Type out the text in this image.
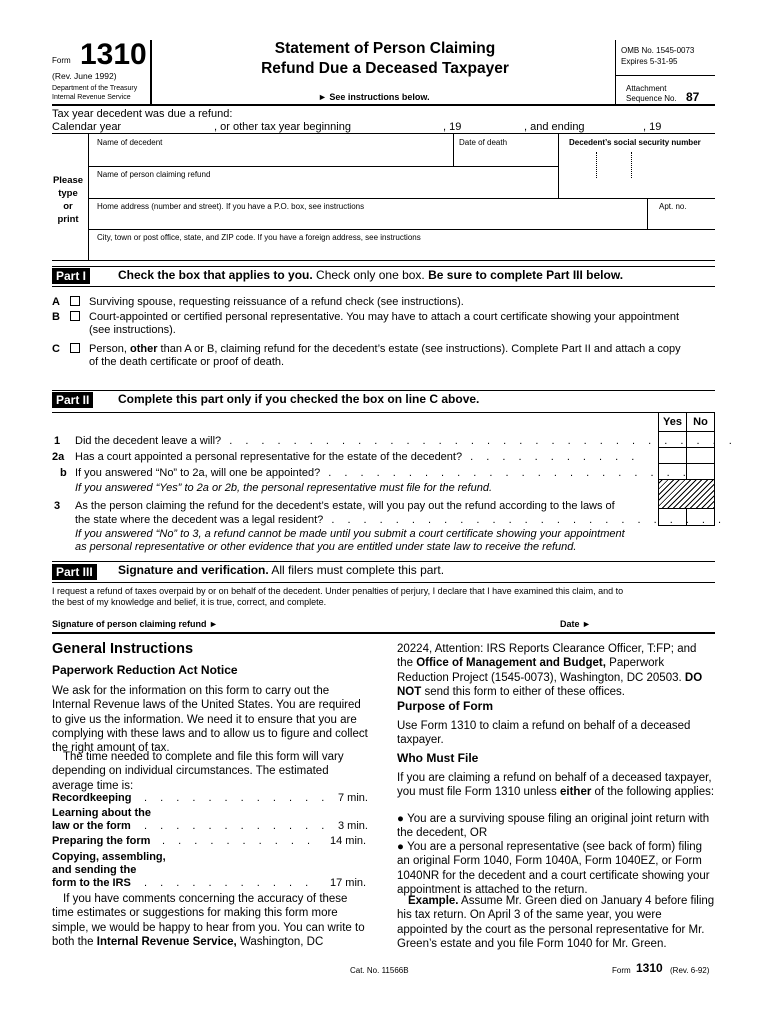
Form 1310
(Rev. June 1992)
Department of the Treasury
Internal Revenue Service
Statement of Person Claiming
Refund Due a Deceased Taxpayer
► See instructions below.
OMB No. 1545-0073
Expires 5-31-95
Attachment
Sequence No. 87
Tax year decedent was due a refund:
Calendar year	, or other tax year beginning	, 19	, and ending	, 19
Please
type
or
print
Name of decedent	Date of death	Decedent’s social security number
Name of person claiming refund
Home address (number and street). If you have a P.O. box, see instructions	Apt. no.
City, town or post office, state, and ZIP code. If you have a foreign address, see instructions
Part I	Check the box that applies to you. Check only one box. Be sure to complete Part III below.
A	Surviving spouse, requesting reissuance of a refund check (see instructions).
B	Court-appointed or certified personal representative. You may have to attach a court certificate showing your appointment
(see instructions).
C	Person, other than A or B, claiming refund for the decedent’s estate (see instructions). Complete Part II and attach a copy
of the death certificate or proof of death.
Part II	Complete this part only if you checked the box on line C above.
Yes	No
1 Did the decedent leave a will? . . . . . . . . . . . . . . . . . . . . . . . . . . . . . . . .
2a Has a court appointed a personal representative for the estate of the decedent? . . . . . . . . . . .
b If you answered “No” to 2a, will one be appointed? . . . . . . . . . . . . . . . . . . . . . . .
If you answered “Yes” to 2a or 2b, the personal representative must file for the refund.
3 As the person claiming the refund for the decedent’s estate, will you pay out the refund according to the laws of
the state where the decedent was a legal resident? . . . . . . . . . . . . . . . . . . . . . . . . .
If you answered “No” to 3, a refund cannot be made until you submit a court certificate showing your appointment
as personal representative or other evidence that you are entitled under state law to receive the refund.
Part III	Signature and verification. All filers must complete this part.
I request a refund of taxes overpaid by or on behalf of the decedent. Under penalties of perjury, I declare that I have examined this claim, and to
the best of my knowledge and belief, it is true, correct, and complete.
Signature of person claiming refund ►	Date ►
General Instructions
Paperwork Reduction Act Notice
We ask for the information on this form to carry out the Internal Revenue laws of the United States. You are required to give us the information. We need it to ensure that you are complying with these laws and to allow us to figure and collect the right amount of tax.
The time needed to complete and file this form will vary depending on individual circumstances. The estimated average time is:
Recordkeeping . . . . . . . . . . . . 7 min.
Learning about the
law or the form . . . . . . . . . . . . 3 min.
Preparing the form . . . . . . . . . . 14 min.
Copying, assembling,
and sending the
form to the IRS . . . . . . . . . . . 17 min.
If you have comments concerning the accuracy of these time estimates or suggestions for making this form more simple, we would be happy to hear from you. You can write to both the Internal Revenue Service, Washington, DC
20224, Attention: IRS Reports Clearance Officer, T:FP; and the Office of Management and Budget, Paperwork Reduction Project (1545-0073), Washington, DC 20503. DO NOT send this form to either of these offices.
Purpose of Form
Use Form 1310 to claim a refund on behalf of a deceased taxpayer.
Who Must File
If you are claiming a refund on behalf of a deceased taxpayer, you must file Form 1310 unless either of the following applies:
● You are a surviving spouse filing an original joint return with the decedent, OR
● You are a personal representative (see back of form) filing an original Form 1040, Form 1040A, Form 1040EZ, or Form 1040NR for the decedent and a court certificate showing your appointment is attached to the return.
Example. Assume Mr. Green died on January 4 before filing his tax return. On April 3 of the same year, you were appointed by the court as the personal representative for Mr. Green’s estate and you file Form 1040 for Mr. Green.
Cat. No. 11566B	Form 1310 (Rev. 6-92)
